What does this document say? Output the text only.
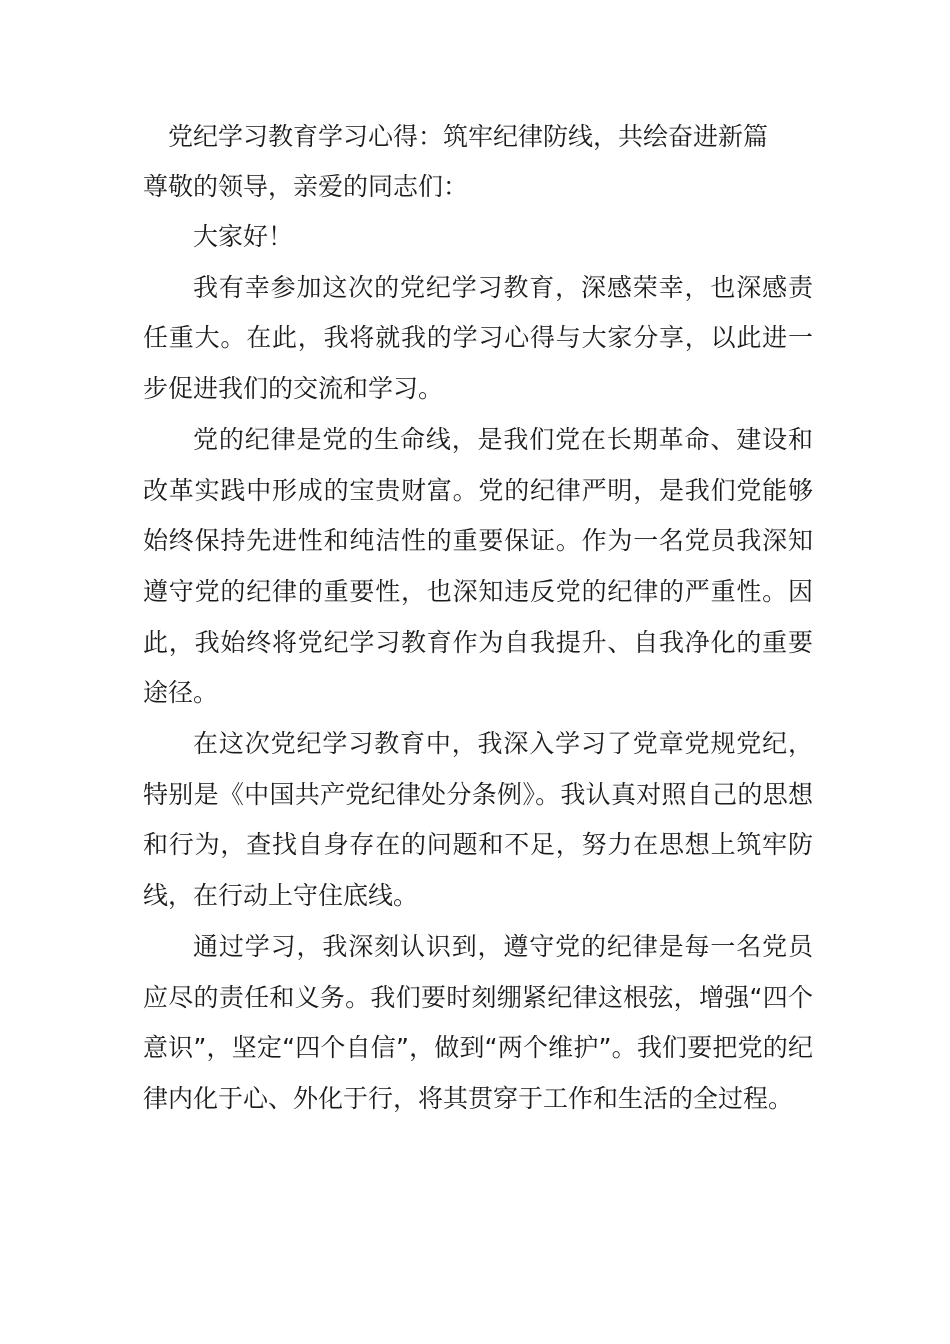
党纪学习教育学习心得：筑牢纪律防线，共绘奋进新篇

尊敬的领导，亲爱的同志们：

大家好！

我有幸参加这次的党纪学习教育，深感荣幸，也深感责任重大。在此，我将就我的学习心得与大家分享，以此进一步促进我们的交流和学习。

党的纪律是党的生命线，是我们党在长期革命、建设和改革实践中形成的宝贵财富。党的纪律严明，是我们党能够始终保持先进性和纯洁性的重要保证。作为一名党员我深知遵守党的纪律的重要性，也深知违反党的纪律的严重性。因此，我始终将党纪学习教育作为自我提升、自我净化的重要途径。

在这次党纪学习教育中，我深入学习了党章党规党纪，特别是《中国共产党纪律处分条例》。我认真对照自己的思想和行为，查找自身存在的问题和不足，努力在思想上筑牢防线，在行动上守住底线。

通过学习，我深刻认识到，遵守党的纪律是每一名党员应尽的责任和义务。我们要时刻绷紧纪律这根弦，增强“四个意识”，坚定“四个自信”，做到“两个维护”。我们要把党的纪律内化于心、外化于行，将其贯穿于工作和生活的全过程。
